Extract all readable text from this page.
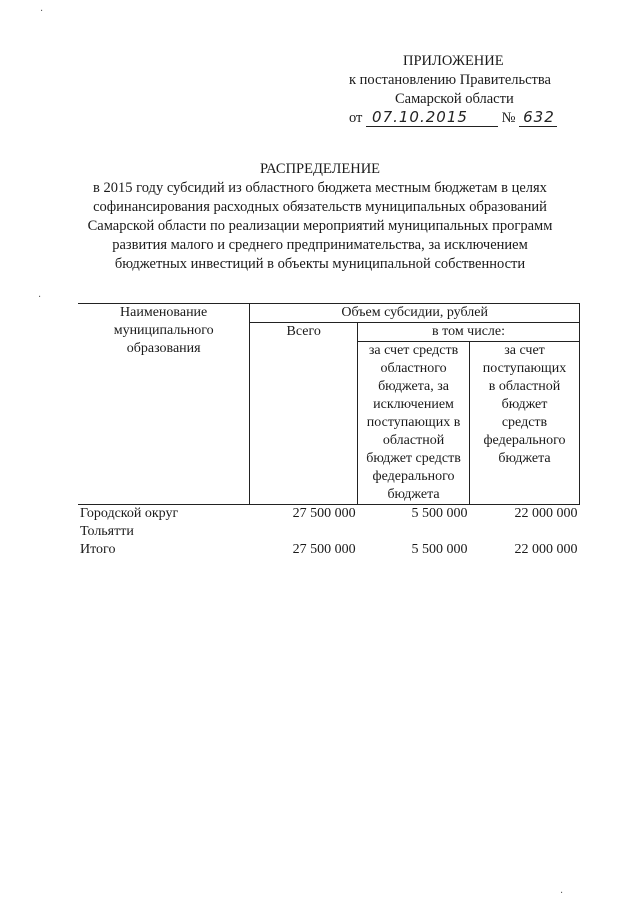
ПРИЛОЖЕНИЕ
к постановлению Правительства
Самарской области
от 07.10.2015 № 632
РАСПРЕДЕЛЕНИЕ
в 2015 году субсидий из областного бюджета местным бюджетам в целях
софинансирования расходных обязательств муниципальных образований
Самарской области по реализации мероприятий муниципальных программ
развития малого и среднего предпринимательства, за исключением
бюджетных инвестиций в объекты муниципальной собственности
Наименование муниципального образования	Объем субсидии, рублей		
	Всего	в том числе:	

		за счет средств областного бюджета, за исключением поступающих в областной бюджет средств федерального бюджета	за счет поступающих в областной бюджет средств федерального бюджета

Городской округ Тольятти	27 500 000	5 500 000	22 000 000
Итого	27 500 000	5 500 000	22 000 000
·
·
·
